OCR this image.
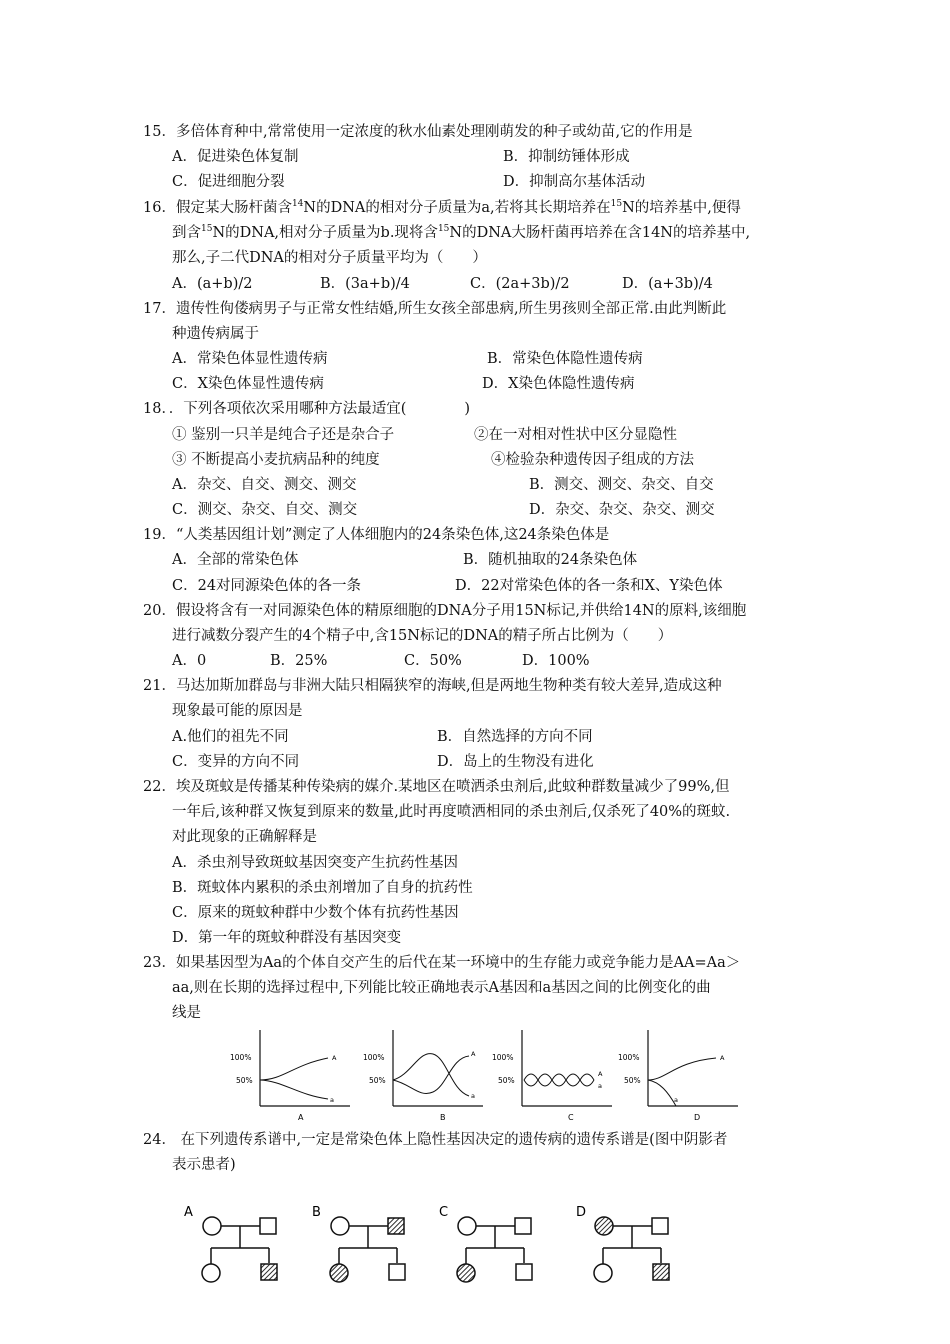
15．多倍体育种中,常常使用一定浓度的秋水仙素处理刚萌发的种子或幼苗,它的作用是
A．促进染色体复制	B．抑制纺锤体形成
C．促进细胞分裂	D．抑制高尔基体活动
16．假定某大肠杆菌含$^{14}$N的DNA的相对分子质量为a,若将其长期培养在$^{15}$N的培养基中,便得
到含$^{15}$N的DNA,相对分子质量为b.现将含$^{15}$N的DNA大肠杆菌再培养在含14N的培养基中,
那么,子二代DNA的相对分子质量平均为（　　）
A．(a+b)/2	B．(3a+b)/4	C．(2a+3b)/2	D．(a+3b)/4
17．遗传性佝偻病男子与正常女性结婚,所生女孩全部患病,所生男孩则全部正常.由此判断此
种遗传病属于
A．常染色体显性遗传病	B．常染色体隐性遗传病
C．X染色体显性遗传病	D．X染色体隐性遗传病
18．．下列各项依次采用哪种方法最适宜(　　　　)
① 鉴别一只羊是纯合子还是杂合子	②在一对相对性状中区分显隐性
③ 不断提高小麦抗病品种的纯度	④检验杂种遗传因子组成的方法
A．杂交、自交、测交、测交	B．测交、测交、杂交、自交
C．测交、杂交、自交、测交	D．杂交、杂交、杂交、测交
19．“人类基因组计划”测定了人体细胞内的24条染色体,这24条染色体是
A．全部的常染色体	B．随机抽取的24条染色体
C．24对同源染色体的各一条	D．22对常染色体的各一条和X、Y染色体
20．假设将含有一对同源染色体的精原细胞的DNA分子用15N标记,并供给14N的原料,该细胞
进行减数分裂产生的4个精子中,含15N标记的DNA的精子所占比例为（　　）
A．0	B．25%	C．50%	D．100%
21．马达加斯加群岛与非洲大陆只相隔狭窄的海峡,但是两地生物种类有较大差异,造成这种
现象最可能的原因是
A.他们的祖先不同	B．自然选择的方向不同
C．变异的方向不同	D．岛上的生物没有进化
22．埃及斑蚊是传播某种传染病的媒介.某地区在喷洒杀虫剂后,此蚊种群数量减少了99%,但
一年后,该种群又恢复到原来的数量,此时再度喷洒相同的杀虫剂后,仅杀死了40%的斑蚊.
对此现象的正确解释是
A．杀虫剂导致斑蚊基因突变产生抗药性基因
B．斑蚊体内累积的杀虫剂增加了自身的抗药性
C．原来的斑蚊种群中少数个体有抗药性基因
D．第一年的斑蚊种群没有基因突变
23．如果基因型为Aa的个体自交产生的后代在某一环境中的生存能力或竞争能力是AA=Aa＞
aa,则在长期的选择过程中,下列能比较正确地表示A基因和a基因之间的比例变化的曲
线是
100%
50%
A
a
A
100%
50%
A
a
B
100%
50%
A
a
C
100%
50%
A
a
D
24． 在下列遗传系谱中,一定是常染色体上隐性基因决定的遗传病的遗传系谱是(图中阴影者
表示患者)
A	B	C	D
